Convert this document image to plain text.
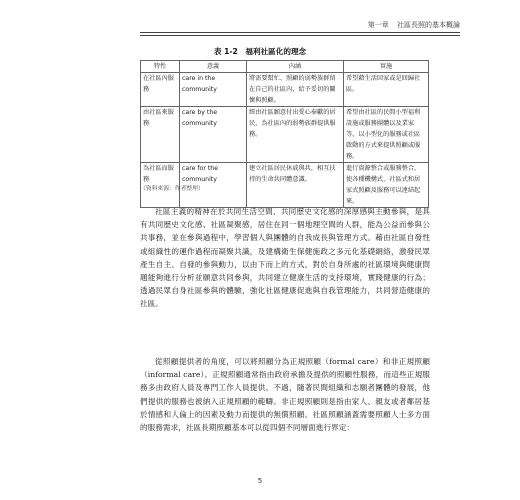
第一章 社區長照的基本概論
表 1-2　福利社區化的理念
特性	意義	內涵	實施
在社區內服務	care in the community	將需要幫忙、照顧的弱勢族群留在自己的社區內，給予妥切的關懷與照顧。	希望藉生活回家或是回歸社區。
由社區來服務	care by the community	經由社區願意付出愛心奉獻的居民，為社區內的弱勢族群提供服務。	希望由社區的民間小型福利設施或服務團體以及業家等，以小型化的服務或社區啟動的方式來提供照顧或服務。
為社區而服務	care for the community	建立社區居民休戚與共，相互扶持的生命共同體意識。	進行資源整合或服務整合，使各種機構式、社區式和居家式照顧及服務可以連結起來。
（資料來源：作者整理）

社區主義的精神在於共同生活空間、共同歷史文化感的深厚感與主動參與，是具有共同歷史文化感、社區凝聚感，居住在同一個地理空間的人群，能為公益而參與公共事務，並在參與過程中，學習個人與團體的自我成長與管理方式。藉由社區自發性或組織性的運作過程而凝聚共識，及建構衛生保健施政之多元化基礎網絡，激發民眾產生自主、自發的參與動力，以由下而上的方式，對於自身所處的社區環境與健康問題能夠進行分析並願意共同參與，共同建立健康生活的支持環境，實踐健康的行為；透過民眾自身社區參與的體驗，強化社區健康促進與自我管理能力，共同營造健康的社區。

從照顧提供者的角度，可以將照顧分為正規照顧（formal care）和非正規照顧（informal care）。正規照顧通常指由政府承擔及提供的照顧性服務，而這些正規服務多由政府人員及專門工作人員提供。不過，隨著民間組織和志願者團體的發展，他們提供的服務也被納入正規照顧的範疇。非正規照顧則是指由家人、親友或者鄰居基於情感和人倫上的因素及動力而提供的無償照顧。社區照顧涵蓋需要照顧人士多方面的服務需求，社區長期照顧基本可以從四個不同層面進行界定：

5
